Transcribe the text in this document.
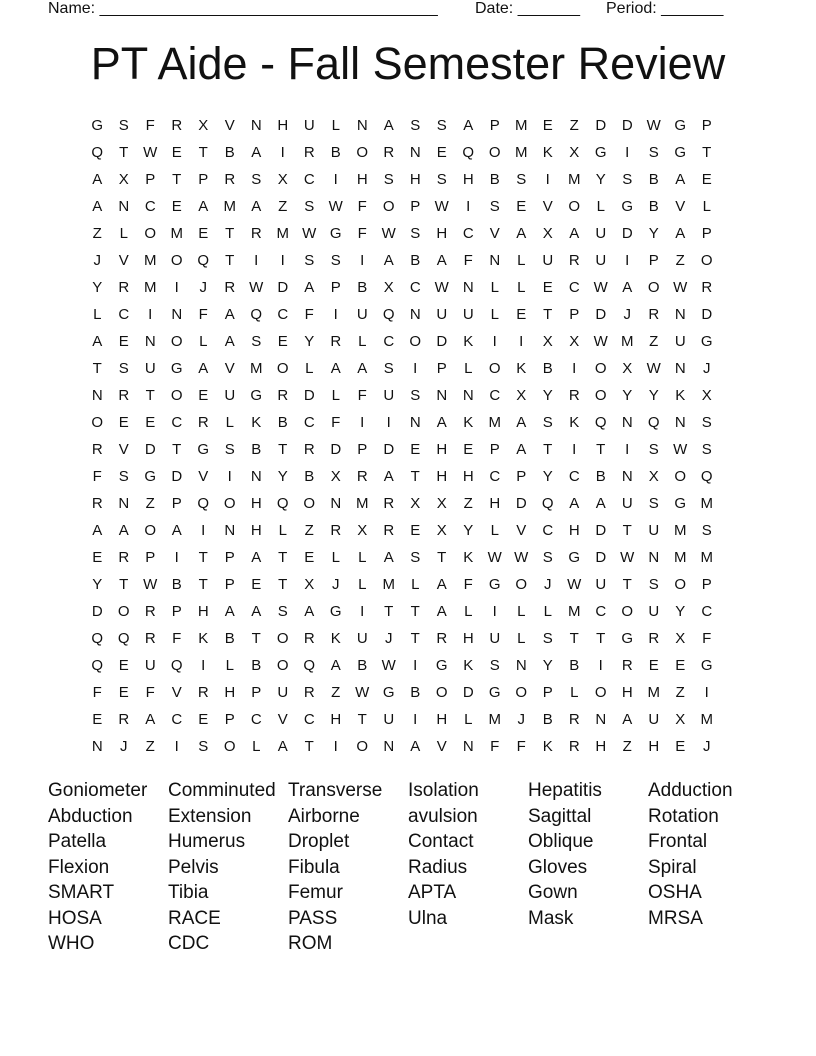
Name: ______________________________________ Date: _______ Period: _______
PT Aide - Fall Semester Review
G	S	F	R	X	V	N	H	U	L	N	A	S	S	A	P	M	E	Z	D	D W G	P
Q	T W E	T	B	A	I	R	B	O	R	N	E	Q O M	K	X	G	I	S	G	T
A	X	P	T	P	R	S	X	C	I	H	S	H	S	H	B	S	I	M	Y	S	B	A	E
A	N	C	E	A	M	A	Z	S W F	O	P W	I	S	E	V	O	L	G	B	V	L
Z	L	O M	E	T	R M W G	F W S	H	C	V	A	X	A	U	D	Y	A	P
J	V	M O Q	T	I	I	S	S	I	A	B	A	F	N	L	U	R	U	I	P	Z	O
Y	R M	I	J	R W D	A	P	B	X	C W N	L	L	E	C W A	O W R
L	C	I	N	F	A	Q	C	F	I	U	Q	N	U	U	L	E	T	P	D	J	R	N	D
A	E	N	O	L	A	S	E	Y	R	L	C	O	D	K	I	I	X	X W M	Z	U	G
T	S	U	G	A	V	M O	L	A	A	S	I	P	L	O	K	B	I	O	X W N	J
N	R	T	O	E	U	G	R	D	L	F	U	S	N	N	C	X	Y	R	O	Y	Y	K	X
O	E	E	C	R	L	K	B	C	F	I	I	N	A	K	M	A	S	K	Q	N	Q	N	S
R	V	D	T	G	S	B	T	R	D	P	D	E	H	E	P	A	T	I	T	I	S W S
F	S	G	D	V	I	N	Y	B	X	R	A	T	H	H	C	P	Y	C	B	N	X	O Q
R	N	Z	P	Q O	H	Q O	N M R	X	X	Z	H	D	Q	A	A	U	S	G M
A	A	O	A	I	N	H	L	Z	R	X	R	E	X	Y	L	V	C	H	D	T	U M	S
E	R	P	I	T	P	A	T	E	L	L	A	S	T	K W W S	G	D W N M M
Y	T W B	T	P	E	T	X	J	L	M	L	A	F	G O	J	W U	T	S	O	P
D	O	R	P	H	A	A	S	A	G	I	T	T	A	L	I	L	L	M C	O	U	Y	C
Q Q	R	F	K	B	T	O	R	K	U	J	T	R	H	U	L	S	T	T	G	R	X	F
Q	E	U	Q	I	L	B	O Q	A	B W	I	G	K	S	N	Y	B	I	R	E	E	G
F	E	F	V	R	H	P	U	R	Z W G	B	O	D	G O	P	L	O	H M	Z	I
E	R	A	C	E	P	C	V	C	H	T	U	I	H	L	M	J	B	R	N	A	U	X	M
N	J	Z	I	S	O	L	A	T	I	O	N	A	V	N	F	F	K	R	H	Z	H	E	J
Goniometer	Comminuted Transverse	Isolation	Hepatitis	Adduction
Abduction	Extension	Airborne	avulsion	Sagittal	Rotation
Patella	Humerus	Droplet	Contact	Oblique	Frontal
Flexion	Pelvis	Fibula	Radius	Gloves	Spiral
SMART	Tibia	Femur	APTA	Gown	OSHA
HOSA	RACE	PASS	Ulna	Mask	MRSA
WHO	CDC	ROM
